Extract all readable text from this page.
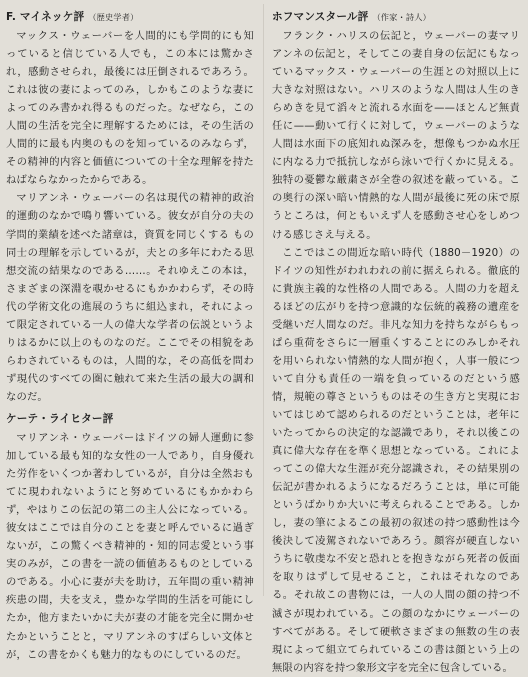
F. マイネッケ評 （歴史学者）

マックス・ウェーバーを人間的にも学問的にも知っていると信じている人でも，この本には驚かされ，感動させられ，最後には圧倒されるであろう。これは彼の妻によってのみ，しかもこのような妻によってのみ書かれ得るものだった。なぜなら，この人間の生活を完全に理解するためには，その生活の人間的に最も内奥のものを知っているのみならず，その精神的内容と価値についての十全な理解を持たねばならなかったからである。

マリアンネ・ウェーバーの名は現代の精神的政治的運動のなかで鳴り響いている。彼女が自分の夫の学問的業績を述べた諸章は，資質を同じくする もの同士の理解を示しているが，夫との多年にわたる思想交流の結果なのである……。それゆえこの本は，さまざまの深淵を覗かせるにもかかわらず，その時代の学術文化の進展のうちに組込まれ，それによって限定されている一人の偉大な学者の伝説というよりはるかに以上のものなのだ。ここでその相貌をあらわされているものは，人間的な，その高低を問わず現代のすべての圏に触れて来た生活の最大の調和なのだ。

ケーテ・ライヒター評

マリアンネ・ウェーバーはドイツの婦人運動に参加している最も知的な女性の一人であり，自身優れた労作をいくつか著わしているが，自分は全然おもてに現われないようにと努めているにもかかわらず，やはりこの伝記の第二の主人公になっている。彼女はここでは自分のことを妻と呼んでいるに過ぎないが，この驚くべき精神的・知的同志愛という事実のみが，この書を一読の価値あるものとしているのである。小心に妻が夫を助け，五年間の重い精神疾患の間，夫を支え，豊かな学問的生活を可能にしたか，他方またいかに夫が妻の才能を完全に開かせたかということと，マリアンネのすばらしい文体とが，この書をかくも魅力的なものにしているのだ。

ホフマンスタール評 （作家・詩人）

フランク・ハリスの伝記と，ウェーバーの妻マリアンネの伝記と，そしてこの妻自身の伝記にもなっているマックス・ウェーバーの生涯との対照以上に大きな対照はない。ハリスのような人間は人生のきらめきを見て滔々と流れる水面を——ほとんど無責任に——動いて行くに対して，ウェーバーのような人間は水面下の底知れぬ深みを，想像もつかぬ水圧に内なる力で抵抗しながら泳いで行くかに見える。独特の憂鬱な厳粛さが全巻の叙述を蔽っている。この奥行の深い暗い情熱的な人間が最後に死の床で原うところは，何ともいえず人を感動させ心をしめつける感じさえ与える。

ここではこの間近な暗い時代（1880－1920）のドイツの知性がわれわれの前に据えられる。徹底的に貴族主義的な性格の人間である。人間の力を超えるほどの広がりを持つ意識的な伝統的義務の遺産を受継いだ人間なのだ。非凡な知力を持ちながらもっぱら重荷をさらに一層重くすることにのみしかそれを用いられない情熱的な人間が抱く，人事一般について自分も責任の一端を負っているのだという感情，規範の尊さというものはその生き方と実現においてはじめて認められるのだということは，老年にいたってからの決定的な認識であり，それ以後この真に偉大な存在を準く思想となっている。これによってこの偉大な生涯が充分認識され，その結果別の伝記が書かれるようになるだろうことは，単に可能というばかりか大いに考えられることである。しかし，妻の筆によるこの最初の叙述の持つ感動性は今後決して凌駕されないであろう。顔容が硬直しないうちに敬虔な不安と恐れとを抱きながら死者の仮面を取りはずして見せること，これはそれなのである。それ故この書物には，一人の人間の顔の持つ不滅さが現われている。この顔のなかにウェーバーのすべてがある。そして硬軟さまざまの無数の生の表現によって組立てられているこの書は顔という上の無限の内容を持つ象形文字を完全に包含している。
